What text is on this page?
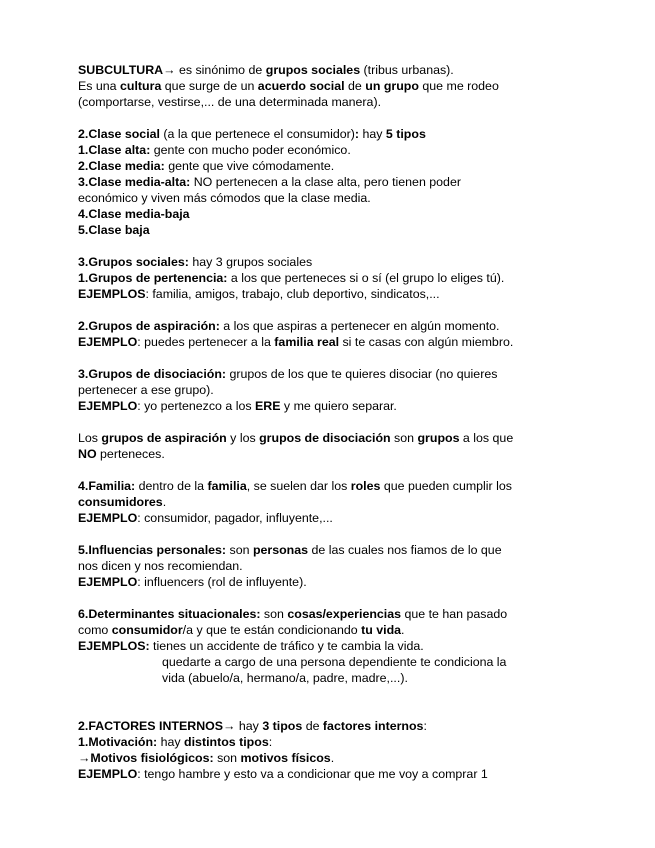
SUBCULTURA→ es sinónimo de grupos sociales (tribus urbanas).

Es una cultura que surge de un acuerdo social de un grupo que me rodeo

(comportarse, vestirse,... de una determinada manera).

2.Clase social (a la que pertenece el consumidor): hay 5 tipos

1.Clase alta: gente con mucho poder económico.

2.Clase media: gente que vive cómodamente.

3.Clase media-alta: NO pertenecen a la clase alta, pero tienen poder

económico y viven más cómodos que la clase media.

4.Clase media-baja

5.Clase baja

3.Grupos sociales: hay 3 grupos sociales

1.Grupos de pertenencia: a los que perteneces si o sí (el grupo lo eliges tú).

EJEMPLOS: familia, amigos, trabajo, club deportivo, sindicatos,...

2.Grupos de aspiración: a los que aspiras a pertenecer en algún momento.

EJEMPLO: puedes pertenecer a la familia real si te casas con algún miembro.

3.Grupos de disociación: grupos de los que te quieres disociar (no quieres

pertenecer a ese grupo).

EJEMPLO: yo pertenezco a los ERE y me quiero separar.

Los grupos de aspiración y los grupos de disociación son grupos a los que

NO perteneces.

4.Familia: dentro de la familia, se suelen dar los roles que pueden cumplir los

consumidores.

EJEMPLO: consumidor, pagador, influyente,...

5.Influencias personales: son personas de las cuales nos fiamos de lo que

nos dicen y nos recomiendan.

EJEMPLO: influencers (rol de influyente).

6.Determinantes situacionales: son cosas/experiencias que te han pasado

como consumidor/a y que te están condicionando tu vida.

EJEMPLOS: tienes un accidente de tráfico y te cambia la vida.

quedarte a cargo de una persona dependiente te condiciona la

vida (abuelo/a, hermano/a, padre, madre,...).

2.FACTORES INTERNOS→ hay 3 tipos de factores internos:

1.Motivación: hay distintos tipos:

→Motivos fisiológicos: son motivos físicos.

EJEMPLO: tengo hambre y esto va a condicionar que me voy a comprar 1
